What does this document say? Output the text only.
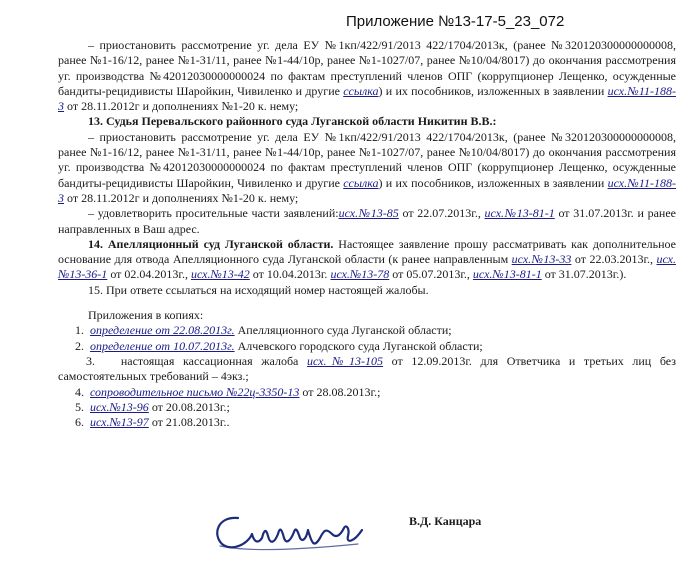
Приложение №13-17-5_23_072

– приостановить рассмотрение уг. дела ЕУ №1кп/422/91/2013 422/1704/2013к, (ранее №320120300000000008, ранее №1-16/12, ранее №1-31/11, ранее №1-44/10р, ранее №1-1027/07, ранее №10/04/8017) до окончания рассмотрения уг. производства №42012030000000024 по фактам преступлений членов ОПГ (коррупционер Лещенко, осужденные бандиты-рецидивисты Шаройкин, Чивиленко и другие ссылка) и их пособников, изложенных в заявлении исх.№11-188-3 от 28.11.2012г и дополнениях №1-20 к. нему;

13. Судья Перевальского районного суда Луганской области Никитин В.В.:

– приостановить рассмотрение уг. дела ЕУ №1кп/422/91/2013 422/1704/2013к, (ранее №320120300000000008, ранее №1-16/12, ранее №1-31/11, ранее №1-44/10р, ранее №1-1027/07, ранее №10/04/8017) до окончания рассмотрения уг. производства №42012030000000024 по фактам преступлений членов ОПГ (коррупционер Лещенко, осужденные бандиты-рецидивисты Шаройкин, Чивиленко и другие ссылка) и их пособников, изложенных в заявлении исх.№11-188-3 от 28.11.2012г и дополнениях №1-20 к. нему;

– удовлетворить просительные части заявлений:исх.№13-85 от 22.07.2013г., исх.№13-81-1 от 31.07.2013г. и ранее направленных в Ваш адрес.

14. Апелляционный суд Луганской области. Настоящее заявление прошу рассматривать как дополнительное основание для отвода Апелляционного суда Луганской области (к ранее направленным исх.№13-33 от 22.03.2013г., исх.№13-36-1 от 02.04.2013г., исх.№13-42 от 10.04.2013г. исх.№13-78 от 05.07.2013г., исх.№13-81-1 от 31.07.2013г.).

15. При ответе ссылаться на исходящий номер настоящей жалобы.

Приложения в копиях:

1. определение от 22.08.2013г. Апелляционного суда Луганской области;
2. определение от 10.07.2013г. Алчевского городского суда Луганской области;

3. настоящая кассационная жалоба исх.№13-105 от 12.09.2013г. для Ответчика и третьих лиц без самостоятельных требований – 4экз.;

4. сопроводительное письмо №22ц-3350-13 от 28.08.2013г.;
5. исх.№13-96 от 20.08.2013г.;
6. исх.№13-97 от 21.08.2013г..
В.Д. Канцара
